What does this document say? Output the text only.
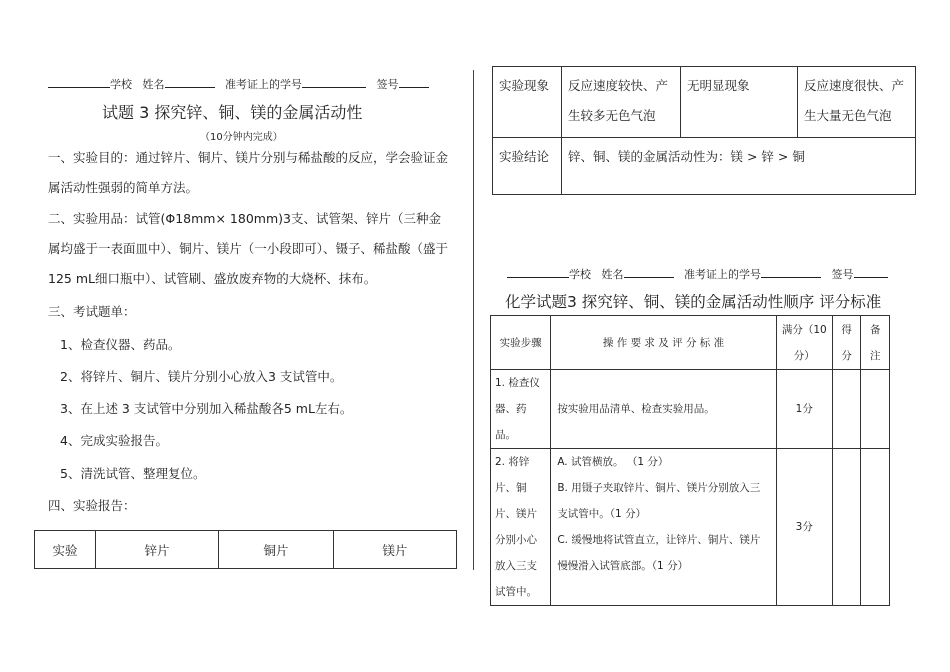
学校 姓名	准考证上的学号	签号
试题 3 探究锌、铜、镁的金属活动性
（10分钟内完成）
一、实验目的：通过锌片、铜片、镁片分别与稀盐酸的反应，学会验证金属活动性强弱的简单方法。
二、实验用品：试管(Φ18mm× 180mm)3支、试管架、锌片（三种金属均盛于一表面皿中）、铜片、镁片（一小段即可）、镊子、稀盐酸（盛于125 mL细口瓶中）、试管刷、盛放废弃物的大烧杯、抹布。
三、考试题单：
1、检查仪器、药品。
2、将锌片、铜片、镁片分别小心放入3 支试管中。
3、在上述 3 支试管中分别加入稀盐酸各5 mL左右。
4、完成实验报告。
5、清洗试管、整理复位。
四、实验报告：
实验	锌片	铜片	镁片
实验现象	反应速度较快、产生较多无色气泡	无明显现象	反应速度很快、产生大量无色气泡
实验结论	锌、铜、镁的金属活动性为：镁 > 锌 > 铜		
学校 姓名	准考证上的学号	签号
化学试题3 探究锌、铜、镁的金属活动性顺序 评分标准
实验步骤	操 作 要 求 及 评 分 标 准	满分（10 分）	得分	备注
1. 检查仪器、药品。	按实验用品清单、检查实验用品。	1分		
2. 将锌片、铜片、镁片分别小心放入三支试管中。	A. 试管横放。 （1 分）
B. 用镊子夹取锌片、铜片、镁片分别放入三支试管中。（1 分）
C. 缓慢地将试管直立，让锌片、铜片、镁片慢慢滑入试管底部。（1 分）	3分		
